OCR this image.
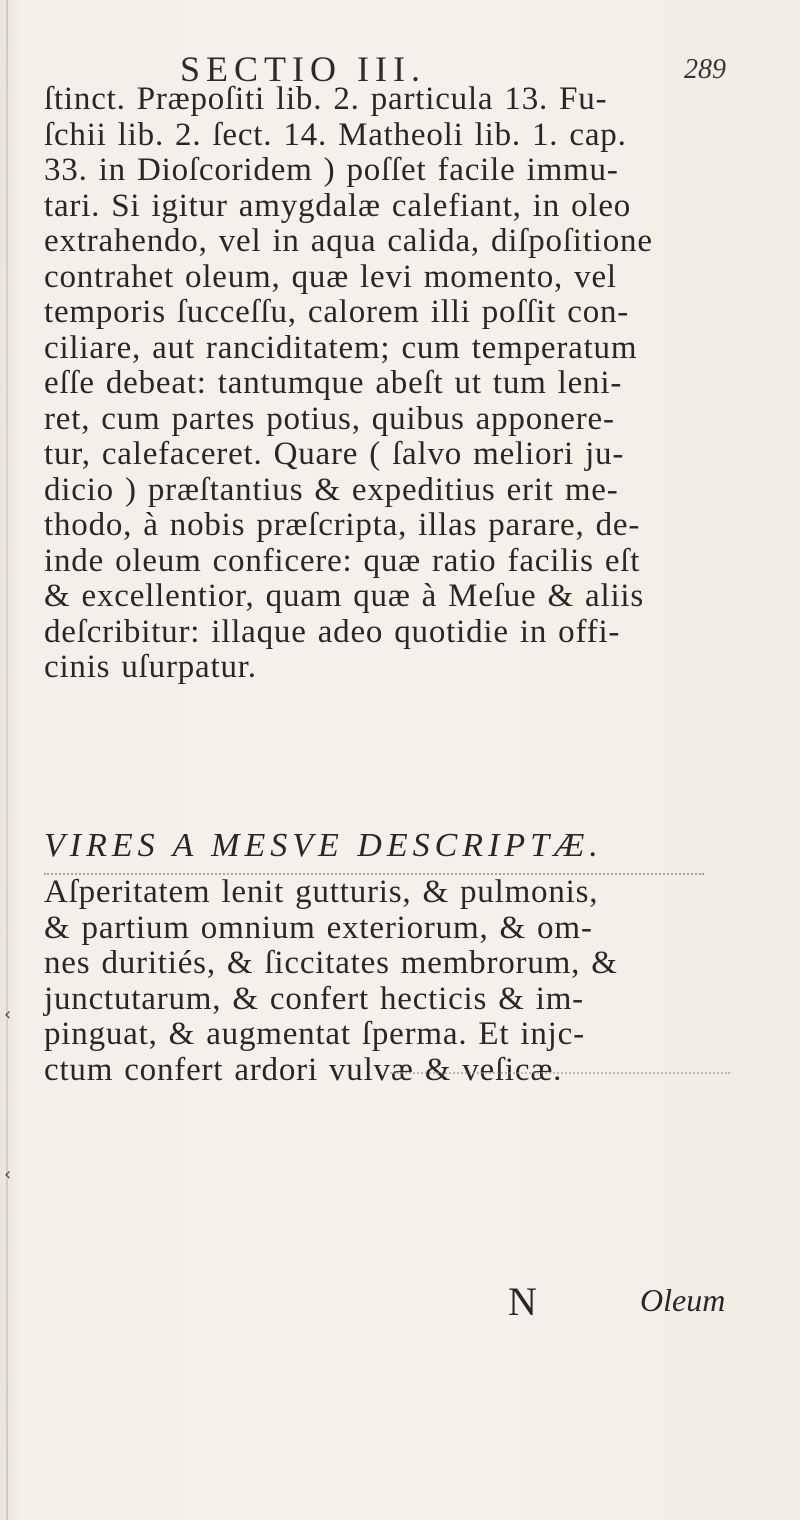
SECTIO III.	289
ſtinct. Præpoſiti lib. 2. particula 13. Fu-
ſchii lib. 2. ſect. 14. Matheoli lib. 1. cap.
33. in Dioſcoridem ) poſſet facile immu-
tari. Si igitur amygdalæ calefiant, in oleo
extrahendo, vel in aqua calida, diſpoſitione
contrahet oleum, quæ levi momento, vel
temporis ſucceſſu, calorem illi poſſit con-
ciliare, aut ranciditatem; cum temperatum
eſſe debeat: tantumque abeſt ut tum leni-
ret, cum partes potius, quibus apponere-
tur, calefaceret. Quare ( ſalvo meliori ju-
dicio ) præſtantius & expeditius erit me-
thodo, à nobis præſcripta, illas parare, de-
inde oleum conficere: quæ ratio facilis eſt
& excellentior, quam quæ à Meſue & aliis
deſcribitur: illaque adeo quotidie in offi-
cinis uſurpatur.
VIRES A MESVE DESCRIPTÆ.
Aſperitatem lenit gutturis, & pulmonis,
& partium omnium exteriorum, & om-
nes duritiés, & ſiccitates membrorum, &
junctutarum, & confert hecticis & im-
pinguat, & augmentat ſperma. Et injc-
ctum confert ardori vulvæ & veſicæ.
N	Oleum
‹
‹
